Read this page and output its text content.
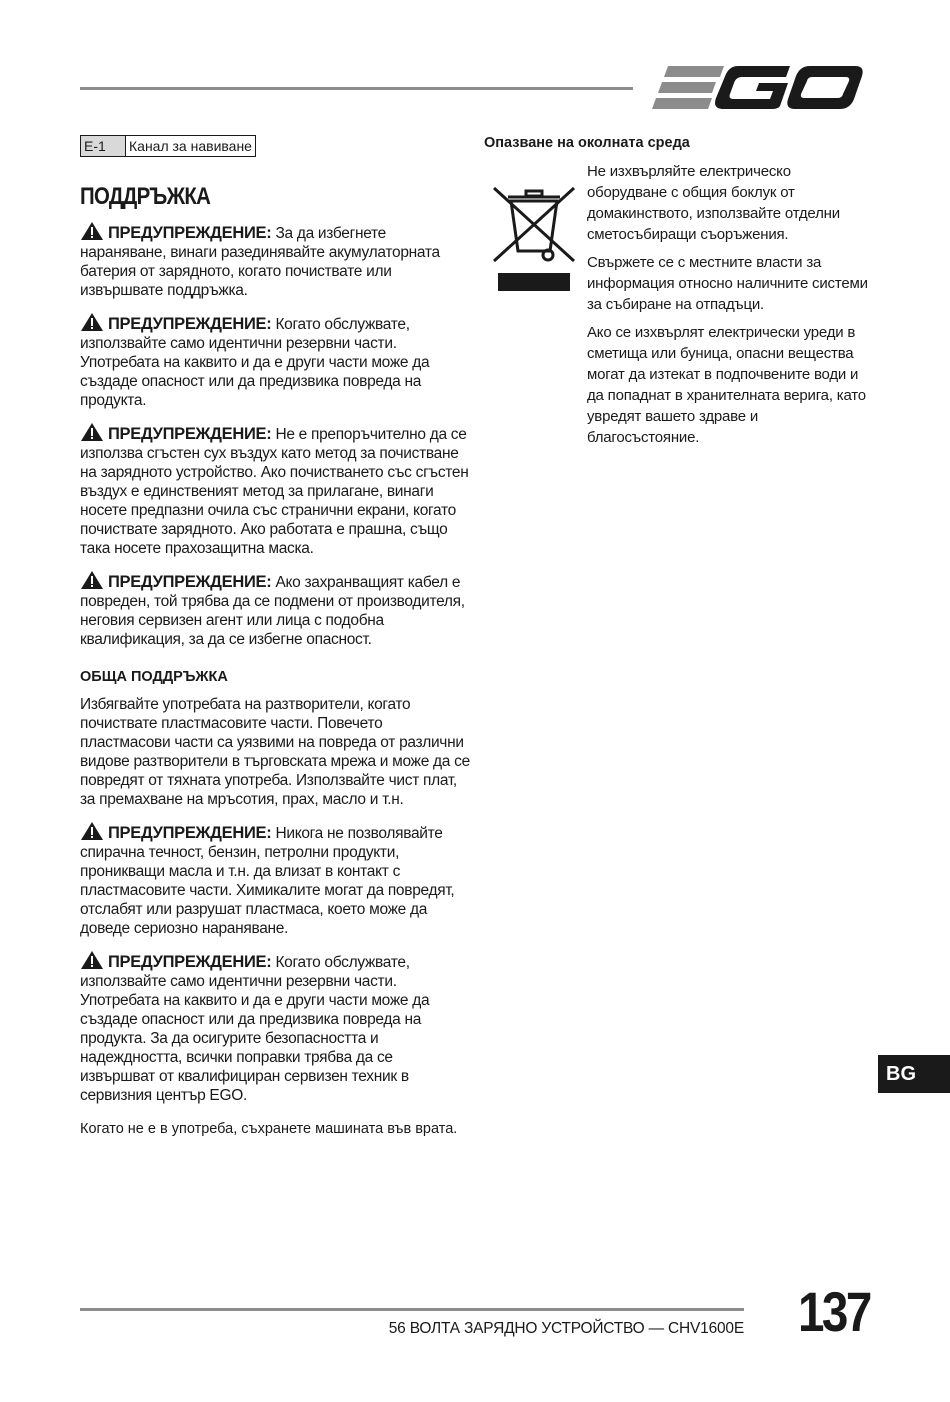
E-1	Канал за навиване
ПОДДРЪЖКА

ПРЕДУПРЕЖДЕНИЕ: За да избегнете нараняване, винаги разединявайте акумулаторната батерия от зарядното, когато почиствате или извършвате поддръжка.

ПРЕДУПРЕЖДЕНИЕ: Когато обслужвате, използвайте само идентични резервни части. Употребата на каквито и да е други части може да създаде опасност или да предизвика повреда на продукта.

ПРЕДУПРЕЖДЕНИЕ: Не е препоръчително да се използва сгъстен сух въздух като метод за почистване на зарядното устройство. Ако почистването със сгъстен въздух е единственият метод за прилагане, винаги носете предпазни очила със странични екрани, когато почиствате зарядното. Ако работата е прашна, също така носете прахозащитна маска.

ПРЕДУПРЕЖДЕНИЕ: Ако захранващият кабел е повреден, той трябва да се подмени от производителя, неговия сервизен агент или лица с подобна квалификация, за да се избегне опасност.

ОБЩА ПОДДРЪЖКА

Избягвайте употребата на разтворители, когато почиствате пластмасовите части. Повечето пластмасови части са уязвими на повреда от различни видове разтворители в търговската мрежа и може да се повредят от тяхната употреба. Използвайте чист плат, за премахване на мръсотия, прах, масло и т.н.

ПРЕДУПРЕЖДЕНИЕ: Никога не позволявайте спирачна течност, бензин, петролни продукти, проникващи масла и т.н. да влизат в контакт с пластмасовите части. Химикалите могат да повредят, отслабят или разрушат пластмаса, което може да доведе сериозно нараняване.

ПРЕДУПРЕЖДЕНИЕ: Когато обслужвате, използвайте само идентични резервни части. Употребата на каквито и да е други части може да създаде опасност или да предизвика повреда на продукта. За да осигурите безопасността и надеждността, всички поправки трябва да се извършват от квалифициран сервизен техник в сервизния център EGO.

Когато не е в употреба, съхранете машината във врата.

Опазване на околната среда

Не изхвърляйте електрическо оборудване с общия боклук от домакинството, използвайте отделни сметосъбиращи съоръжения.

Свържете се с местните власти за информация относно наличните системи за събиране на отпадъци.

Ако се изхвърлят електрически уреди в сметища или буница, опасни вещества могат да изтекат в подпочвените води и да попаднат в хранителната верига, като увредят вашето здраве и благосъстояние.

BG
56 ВОЛТА ЗАРЯДНО УСТРОЙСТВО — CHV1600E 137
